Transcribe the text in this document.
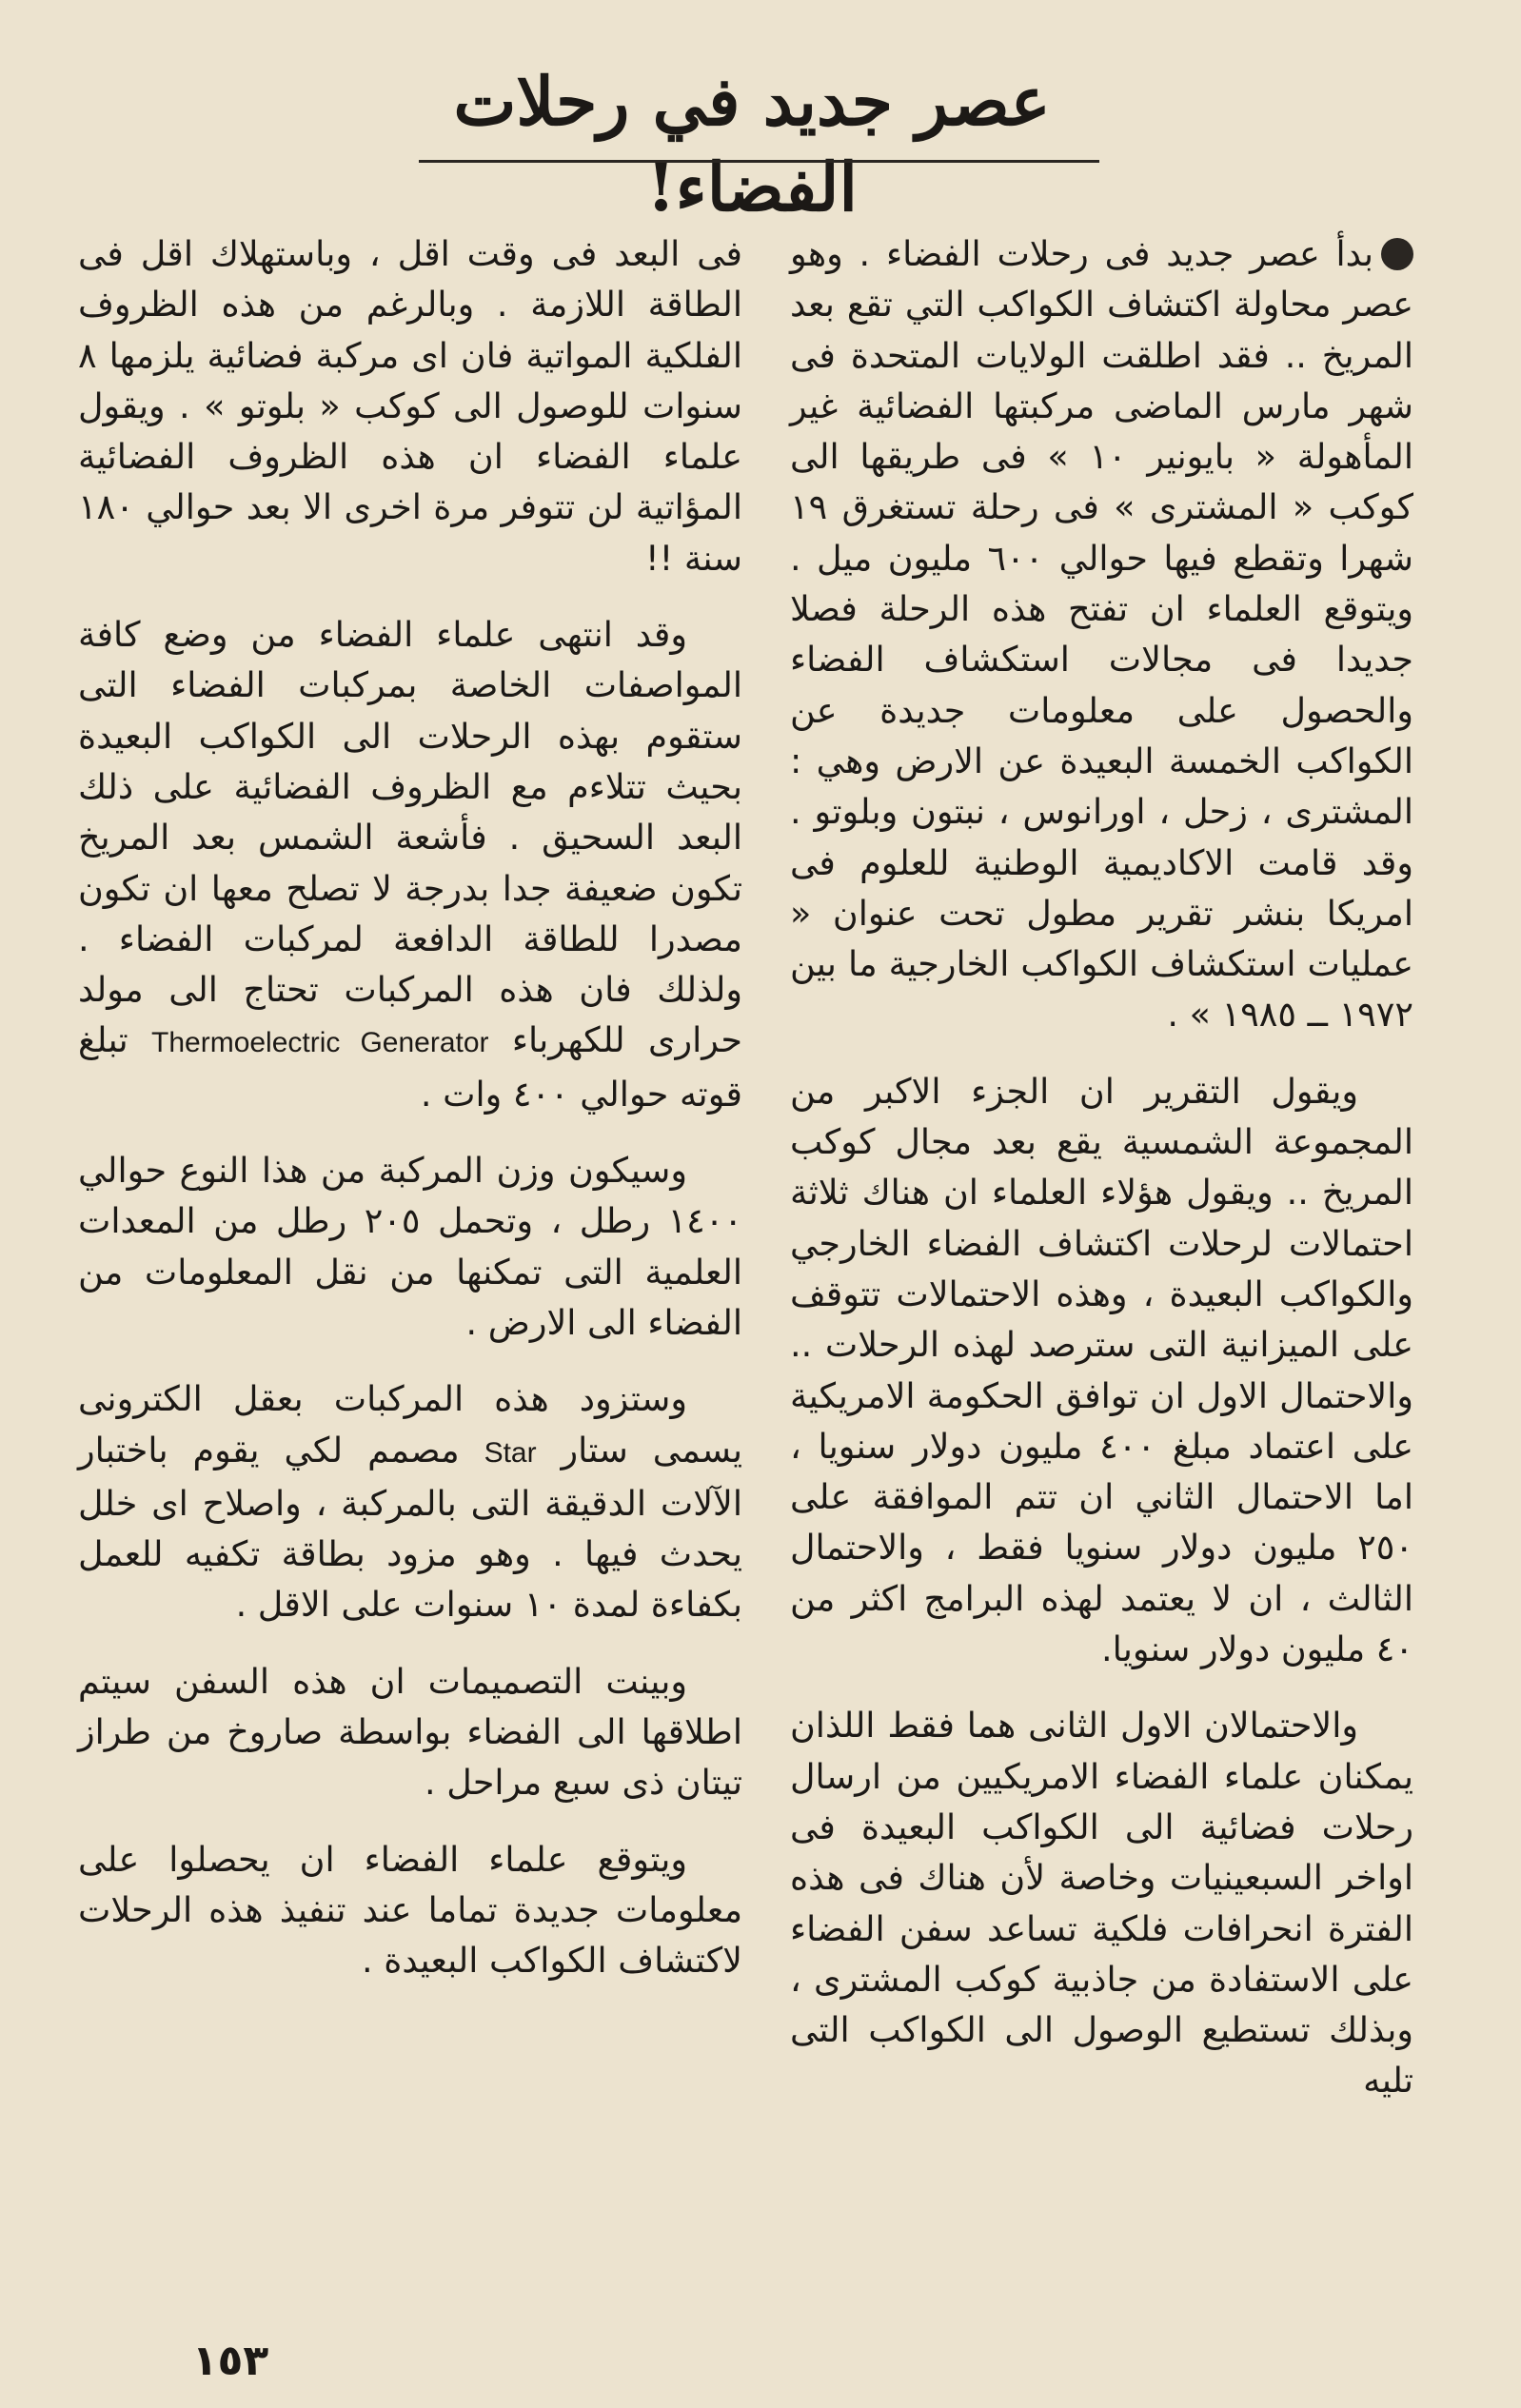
عصر جديد في رحلات الفضاء!

بدأ عصر جديد فى رحلات الفضاء . وهو عصر محاولة اكتشاف الكواكب التي تقع بعد المريخ .. فقد اطلقت الولايات المتحدة فى شهر مارس الماضى مركبتها الفضائية غير المأهولة « بايونير ١٠ » فى طريقها الى كوكب « المشترى » فى رحلة تستغرق ١٩ شهرا وتقطع فيها حوالي ٦٠٠ مليون ميل . ويتوقع العلماء ان تفتح هذه الرحلة فصلا جديدا فى مجالات استكشاف الفضاء والحصول على معلومات جديدة عن الكواكب الخمسة البعيدة عن الارض وهي : المشترى ، زحل ، اورانوس ، نبتون وبلوتو . وقد قامت الاكاديمية الوطنية للعلوم فى امريكا بنشر تقرير مطول تحت عنوان « عمليات استكشاف الكواكب الخارجية ما بين ١٩٧٢ ــ ١٩٨٥ » .

ويقول التقرير ان الجزء الاكبر من المجموعة الشمسية يقع بعد مجال كوكب المريخ .. ويقول هؤلاء العلماء ان هناك ثلاثة احتمالات لرحلات اكتشاف الفضاء الخارجي والكواكب البعيدة ، وهذه الاحتمالات تتوقف على الميزانية التى سترصد لهذه الرحلات .. والاحتمال الاول ان توافق الحكومة الامريكية على اعتماد مبلغ ٤٠٠ مليون دولار سنويا ، اما الاحتمال الثاني ان تتم الموافقة على ٢٥٠ مليون دولار سنويا فقط ، والاحتمال الثالث ، ان لا يعتمد لهذه البرامج اكثر من ٤٠ مليون دولار سنويا.

والاحتمالان الاول الثانى هما فقط اللذان يمكنان علماء الفضاء الامريكيين من ارسال رحلات فضائية الى الكواكب البعيدة فى اواخر السبعينيات وخاصة لأن هناك فى هذه الفترة انحرافات فلكية تساعد سفن الفضاء على الاستفادة من جاذبية كوكب المشترى ، وبذلك تستطيع الوصول الى الكواكب التى تليه

فى البعد فى وقت اقل ، وباستهلاك اقل فى الطاقة اللازمة . وبالرغم من هذه الظروف الفلكية المواتية فان اى مركبة فضائية يلزمها ٨ سنوات للوصول الى كوكب « بلوتو » . ويقول علماء الفضاء ان هذه الظروف الفضائية المؤاتية لن تتوفر مرة اخرى الا بعد حوالي ١٨٠ سنة !!

وقد انتهى علماء الفضاء من وضع كافة المواصفات الخاصة بمركبات الفضاء التى ستقوم بهذه الرحلات الى الكواكب البعيدة بحيث تتلاءم مع الظروف الفضائية على ذلك البعد السحيق . فأشعة الشمس بعد المريخ تكون ضعيفة جدا بدرجة لا تصلح معها ان تكون مصدرا للطاقة الدافعة لمركبات الفضاء . ولذلك فان هذه المركبات تحتاج الى مولد حرارى للكهرباء Thermoelectric Generator تبلغ قوته حوالي ٤٠٠ وات .

وسيكون وزن المركبة من هذا النوع حوالي ١٤٠٠ رطل ، وتحمل ٢٠٥ رطل من المعدات العلمية التى تمكنها من نقل المعلومات من الفضاء الى الارض .

وستزود هذه المركبات بعقل الكترونى يسمى ستار Star مصمم لكي يقوم باختبار الآلات الدقيقة التى بالمركبة ، واصلاح اى خلل يحدث فيها . وهو مزود بطاقة تكفيه للعمل بكفاءة لمدة ١٠ سنوات على الاقل .

وبينت التصميمات ان هذه السفن سيتم اطلاقها الى الفضاء بواسطة صاروخ من طراز تيتان ذى سبع مراحل .

ويتوقع علماء الفضاء ان يحصلوا على معلومات جديدة تماما عند تنفيذ هذه الرحلات لاكتشاف الكواكب البعيدة .

١٥٣
